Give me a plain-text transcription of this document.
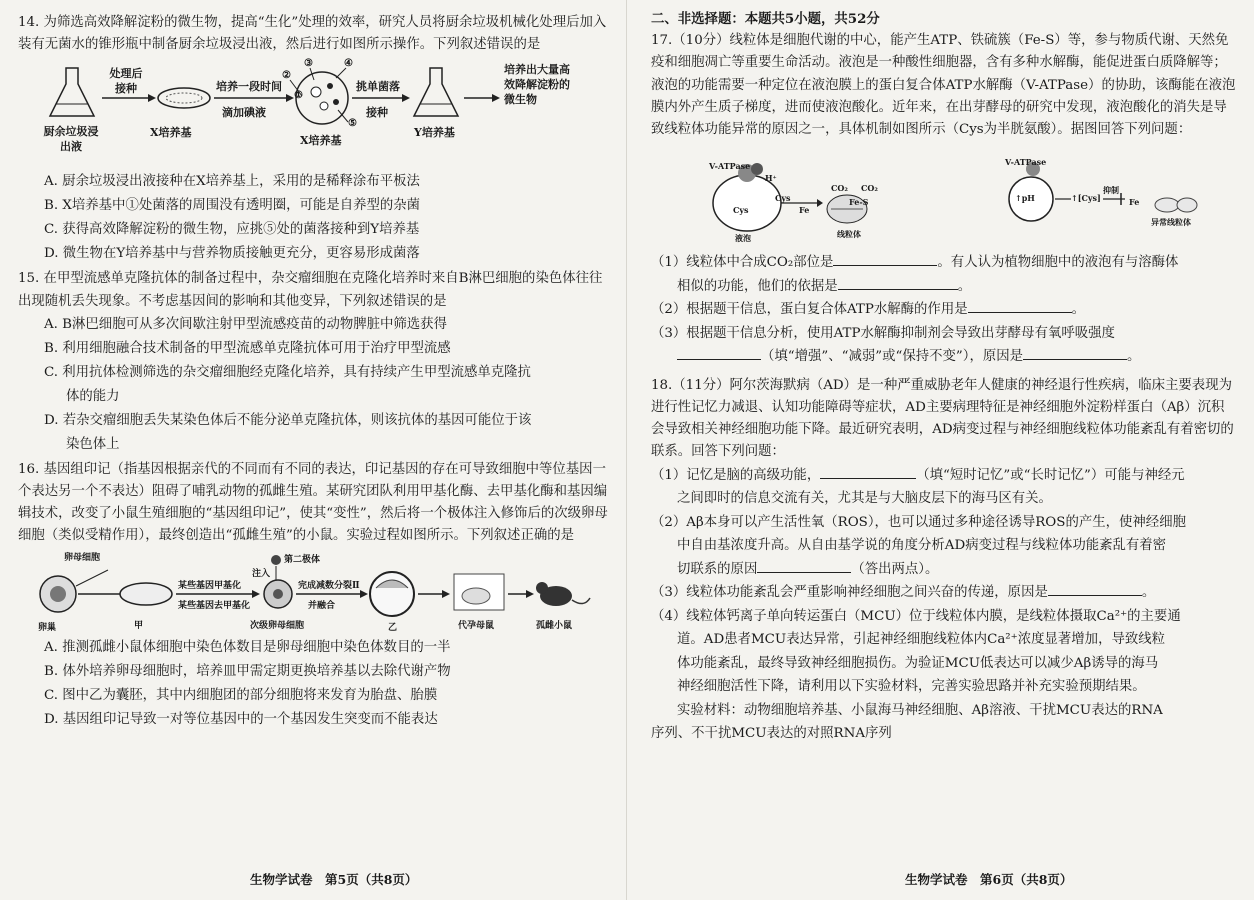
14. 为筛选高效降解淀粉的微生物，提高“生化”处理的效率，研究人员将厨余垃圾机械化处理后加入装有无菌水的锥形瓶中制备厨余垃圾浸出液，然后进行如图所示操作。下列叙述错误的是

厨余垃圾浸出液
处理后接种
X培养基
培养一段时间
滴加碘液
③	④
②
①
⑤
X培养基
挑单菌落
接种
Y培养基
培养出大量高效降解淀粉的微生物

A. 厨余垃圾浸出液接种在X培养基上，采用的是稀释涂布平板法

B. X培养基中①处菌落的周围没有透明圈，可能是自养型的杂菌

C. 获得高效降解淀粉的微生物，应挑⑤处的菌落接种到Y培养基

D. 微生物在Y培养基中与营养物质接触更充分，更容易形成菌落

15. 在甲型流感单克隆抗体的制备过程中，杂交瘤细胞在克隆化培养时来自B淋巴细胞的染色体往往出现随机丢失现象。不考虑基因间的影响和其他变异，下列叙述错误的是

A. B淋巴细胞可从多次间歇注射甲型流感疫苗的动物脾脏中筛选获得

B. 利用细胞融合技术制备的甲型流感单克隆抗体可用于治疗甲型流感

C. 利用抗体检测筛选的杂交瘤细胞经克隆化培养，具有持续产生甲型流感单克隆抗

体的能力

D. 若杂交瘤细胞丢失某染色体后不能分泌单克隆抗体，则该抗体的基因可能位于该

染色体上

16. 基因组印记（指基因根据亲代的不同而有不同的表达，印记基因的存在可导致细胞中等位基因一个表达另一个不表达）阻碍了哺乳动物的孤雌生殖。某研究团队利用甲基化酶、去甲基化酶和基因编辑技术，改变了小鼠生殖细胞的“基因组印记”，使其“变性”，然后将一个极体注入修饰后的次级卵母细胞（类似受精作用），最终创造出“孤雌生殖”的小鼠。实验过程如图所示。下列叙述正确的是

卵母细胞
卵巢	甲
某些基因甲基化
某些基因去甲基化
注入
第二极体
次级卵母细胞
完成减数分裂Ⅱ
并融合
乙	代孕母鼠	孤雌小鼠

A. 推测孤雌小鼠体细胞中染色体数目是卵母细胞中染色体数目的一半

B. 体外培养卵母细胞时，培养皿甲需定期更换培养基以去除代谢产物

C. 图中乙为囊胚，其中内细胞团的部分细胞将来发育为胎盘、胎膜

D. 基因组印记导致一对等位基因中的一个基因发生突变而不能表达

生物学试卷　第5页（共8页）

二、非选择题：本题共5小题，共52分

17.（10分）线粒体是细胞代谢的中心，能产生ATP、铁硫簇（Fe-S）等，参与物质代谢、天然免疫和细胞凋亡等重要生命活动。液泡是一种酸性细胞器，含有多种水解酶，能促进蛋白质降解等；液泡的功能需要一种定位在液泡膜上的蛋白复合体ATP水解酶（V-ATPase）的协助，该酶能在液泡膜内外产生质子梯度，进而使液泡酸化。近年来，在出芽酵母的研究中发现，液泡酸化的消失是导致线粒体功能异常的原因之一，具体机制如图所示（Cys为半胱氨酸）。据图回答下列问题：

V-ATPase
H⁺
Cys
Cys
Fe
CO₂ CO₂
Fe-S
液泡	线粒体
V-ATPase
↑pH	↑[Cys]
抑制
Fe
异常线粒体

（1）线粒体中合成CO₂部位是	。有人认为植物细胞中的液泡有与溶酶体
相似的功能，他们的依据是	。

（2）根据题干信息，蛋白复合体ATP水解酶的作用是	。

（3）根据题干信息分析，使用ATP水解酶抑制剂会导致出芽酵母有氧呼吸强度
（填“增强”、“减弱”或“保持不变”），原因是	。

18.（11分）阿尔茨海默病（AD）是一种严重威胁老年人健康的神经退行性疾病，临床主要表现为进行性记忆力减退、认知功能障碍等症状，AD主要病理特征是神经细胞外淀粉样蛋白（Aβ）沉积会导致相关神经细胞功能下降。最近研究表明，AD病变过程与神经细胞线粒体功能紊乱有着密切的联系。回答下列问题：

（1）记忆是脑的高级功能，	（填“短时记忆”或“长时记忆”）可能与神经元
之间即时的信息交流有关，尤其是与大脑皮层下的海马区有关。

（2）Aβ本身可以产生活性氧（ROS），也可以通过多种途径诱导ROS的产生，使神经细胞
中自由基浓度升高。从自由基学说的角度分析AD病变过程与线粒体功能紊乱有着密
切联系的原因	（答出两点）。

（3）线粒体功能紊乱会严重影响神经细胞之间兴奋的传递，原因是	。

（4）线粒体钙离子单向转运蛋白（MCU）位于线粒体内膜，是线粒体摄取Ca²⁺的主要通
道。AD患者MCU表达异常，引起神经细胞线粒体内Ca²⁺浓度显著增加，导致线粒
体功能紊乱，最终导致神经细胞损伤。为验证MCU低表达可以减少Aβ诱导的海马
神经细胞活性下降，请利用以下实验材料，完善实验思路并补充实验预期结果。
实验材料：动物细胞培养基、小鼠海马神经细胞、Aβ溶液、干扰MCU表达的RNA
序列、不干扰MCU表达的对照RNA序列

生物学试卷　第6页（共8页）
